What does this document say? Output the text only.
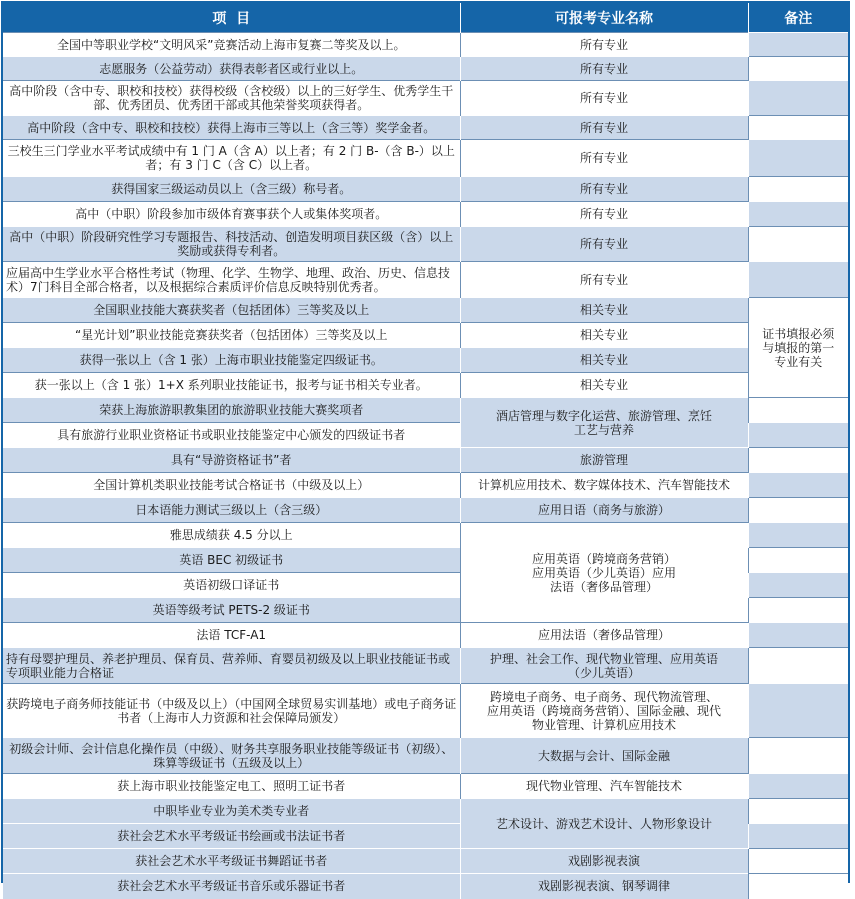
项  目	可报考专业名称	备注
全国中等职业学校“文明风采”竞赛活动上海市复赛二等奖及以上。	所有专业	
志愿服务（公益劳动）获得表彰者区或行业以上。	所有专业	
高中阶段（含中专、职校和技校）获得校级（含校级）以上的三好学生、优秀学生干部、优秀团员、优秀团干部或其他荣誉奖项获得者。	所有专业	
高中阶段（含中专、职校和技校）获得上海市三等以上（含三等）奖学金者。	所有专业	
三校生三门学业水平考试成绩中有 1 门 A（含 A）以上者；有 2 门 B-（含 B-）以上者；有 3 门 C（含 C）以上者。	所有专业	
获得国家三级运动员以上（含三级）称号者。	所有专业	
高中（中职）阶段参加市级体育赛事获个人或集体奖项者。	所有专业	
高中（中职）阶段研究性学习专题报告、科技活动、创造发明项目获区级（含）以上奖励或获得专利者。	所有专业	
应届高中生学业水平合格性考试（物理、化学、生物学、地理、政治、历史、信息技术）7门科目全部合格者，以及根据综合素质评价信息反映特别优秀者。	所有专业	
全国职业技能大赛获奖者（包括团体）三等奖及以上	相关专业	证书填报必须与填报的第一专业有关
“星光计划”职业技能竞赛获奖者（包括团体）三等奖及以上	相关专业	
获得一张以上（含 1 张）上海市职业技能鉴定四级证书。	相关专业	
获一张以上（含 1 张）1+X 系列职业技能证书，报考与证书相关专业者。	相关专业	
荣获上海旅游职教集团的旅游职业技能大赛奖项者	酒店管理与数字化运营、旅游管理、烹饪工艺与营养	
具有旅游行业职业资格证书或职业技能鉴定中心颁发的四级证书者		
具有“导游资格证书”者	旅游管理	
全国计算机类职业技能考试合格证书（中级及以上）	计算机应用技术、数字媒体技术、汽车智能技术	
日本语能力测试三级以上（含三级）	应用日语（商务与旅游）	
雅思成绩获 4.5 分以上	应用英语（跨境商务营销）应用英语（少儿英语）应用法语（奢侈品管理）	
英语 BEC 初级证书		
英语初级口译证书		
英语等级考试 PETS-2 级证书		
法语 TCF-A1	应用法语（奢侈品管理）	
持有母婴护理员、养老护理员、保育员、营养师、育婴员初级及以上职业技能证书或专项职业能力合格证	护理、社会工作、现代物业管理、应用英语（少儿英语）	
获跨境电子商务师技能证书（中级及以上）（中国网全球贸易实训基地）或电子商务证书者（上海市人力资源和社会保障局颁发）	跨境电子商务、电子商务、现代物流管理、应用英语（跨境商务营销）、国际金融、现代物业管理、计算机应用技术	
初级会计师、会计信息化操作员（中级）、财务共享服务职业技能等级证书（初级）、珠算等级证书（五级及以上）	大数据与会计、国际金融	
获上海市职业技能鉴定电工、照明工证书者	现代物业管理、汽车智能技术	
中职毕业专业为美术类专业者	艺术设计、游戏艺术设计、人物形象设计	
获社会艺术水平考级证书绘画或书法证书者		
获社会艺术水平考级证书舞蹈证书者	戏剧影视表演	
获社会艺术水平考级证书音乐或乐器证书者	戏剧影视表演、钢琴调律	
